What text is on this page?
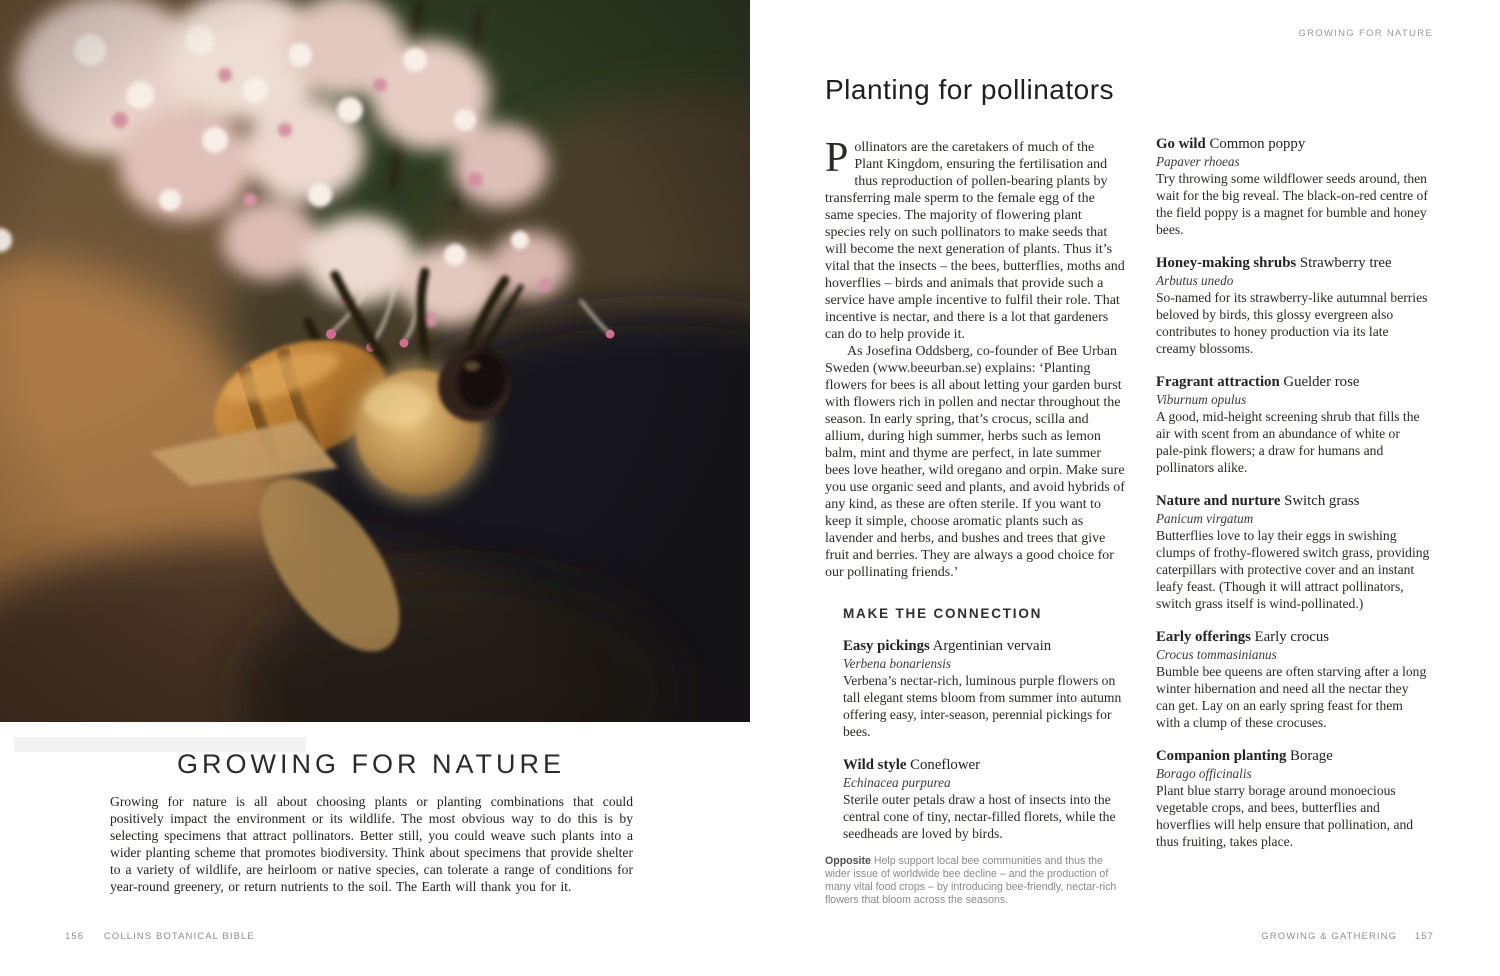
GROWING FOR NATURE
Growing for nature is all about choosing plants or planting combinations that could positively impact the environment or its wildlife. The most obvious way to do this is by selecting specimens that attract pollinators. Better still, you could weave such plants into a wider planting scheme that promotes biodiversity. Think about specimens that provide shelter to a variety of wildlife, are heirloom or native species, can tolerate a range of conditions for year-round greenery, or return nutrients to the soil. The Earth will thank you for it.
156 COLLINS BOTANICAL BIBLE
GROWING FOR NATURE
Planting for pollinators

Pollinators are the caretakers of much of the Plant Kingdom, ensuring the fertilisation and thus reproduction of pollen-bearing plants by transferring male sperm to the female egg of the same species. The majority of flowering plant species rely on such pollinators to make seeds that will become the next generation of plants. Thus it’s vital that the insects – the bees, butterflies, moths and hoverflies – birds and animals that provide such a service have ample incentive to fulfil their role. That incentive is nectar, and there is a lot that gardeners can do to help provide it.

As Josefina Oddsberg, co-founder of Bee Urban Sweden (www.beeurban.se) explains: ‘Planting flowers for bees is all about letting your garden burst with flowers rich in pollen and nectar throughout the season. In early spring, that’s crocus, scilla and allium, during high summer, herbs such as lemon balm, mint and thyme are perfect, in late summer bees love heather, wild oregano and orpin. Make sure you use organic seed and plants, and avoid hybrids of any kind, as these are often sterile. If you want to keep it simple, choose aromatic plants such as lavender and herbs, and bushes and trees that give fruit and berries. They are always a good choice for our pollinating friends.’

MAKE THE CONNECTION
Easy pickings Argentinian vervain
Verbena bonariensis
Verbena’s nectar-rich, luminous purple flowers on tall elegant stems bloom from summer into autumn offering easy, inter-season, perennial pickings for bees.
Wild style Coneflower
Echinacea purpurea
Sterile outer petals draw a host of insects into the central cone of tiny, nectar-filled florets, while the seedheads are loved by birds.
Opposite Help support local bee communities and thus the wider issue of worldwide bee decline – and the production of many vital food crops – by introducing bee-friendly, nectar-rich flowers that bloom across the seasons.
Go wild Common poppy
Papaver rhoeas
Try throwing some wildflower seeds around, then wait for the big reveal. The black-on-red centre of the field poppy is a magnet for bumble and honey bees.
Honey-making shrubs Strawberry tree
Arbutus unedo
So-named for its strawberry-like autumnal berries beloved by birds, this glossy evergreen also contributes to honey production via its late creamy blossoms.
Fragrant attraction Guelder rose
Viburnum opulus
A good, mid-height screening shrub that fills the air with scent from an abundance of white or pale-pink flowers; a draw for humans and pollinators alike.
Nature and nurture Switch grass
Panicum virgatum
Butterflies love to lay their eggs in swishing clumps of frothy-flowered switch grass, providing caterpillars with protective cover and an instant leafy feast. (Though it will attract pollinators, switch grass itself is wind-pollinated.)
Early offerings Early crocus
Crocus tommasinianus
Bumble bee queens are often starving after a long winter hibernation and need all the nectar they can get. Lay on an early spring feast for them with a clump of these crocuses.
Companion planting Borage
Borago officinalis
Plant blue starry borage around monoecious vegetable crops, and bees, butterflies and hoverflies will help ensure that pollination, and thus fruiting, takes place.
GROWING & GATHERING 157
